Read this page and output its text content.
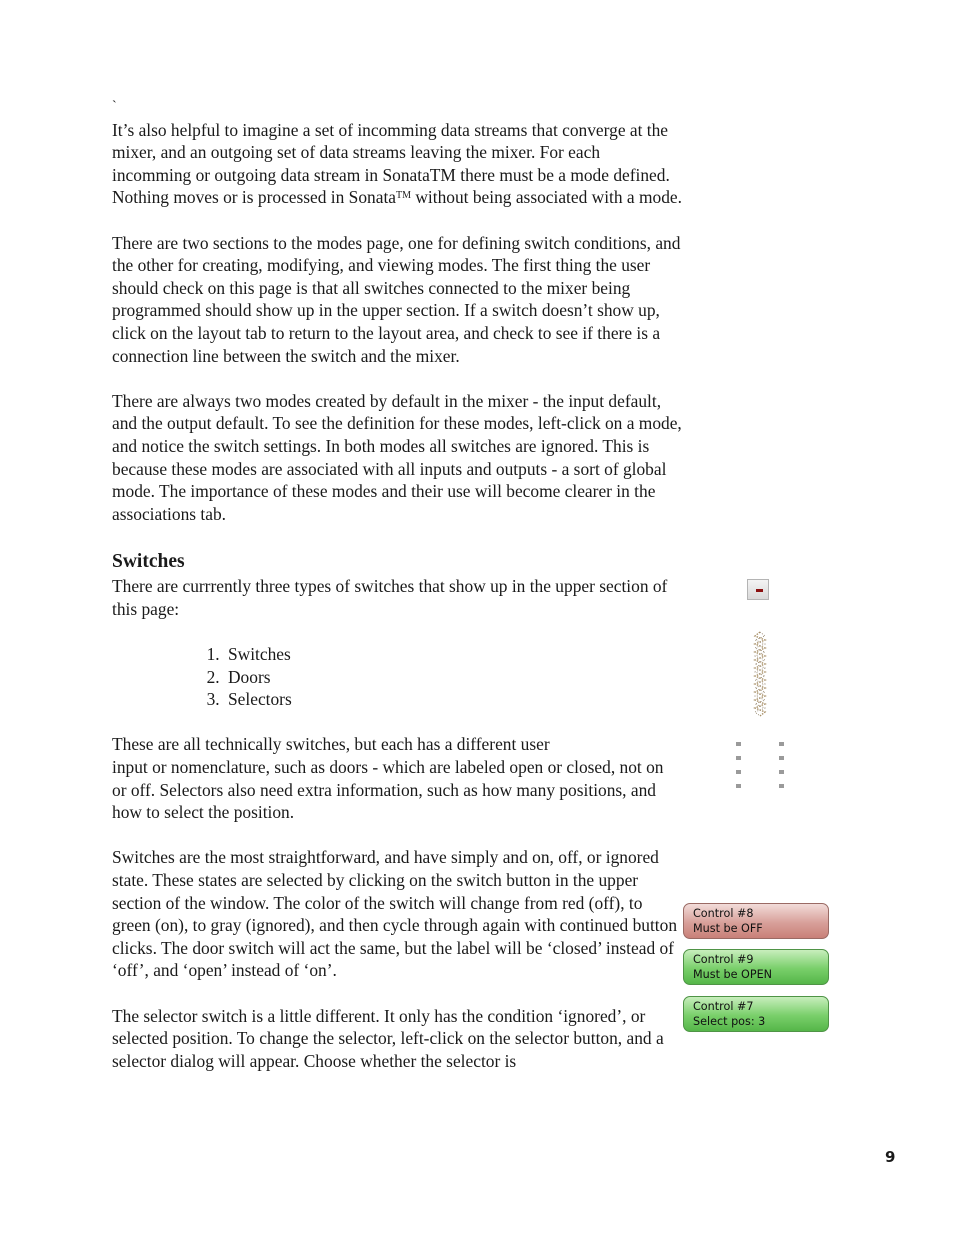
`

It’s also helpful to imagine a set of incomming data streams that converge at the mixer, and an outgoing set of data streams leaving the mixer. For each incomming or outgoing data stream in SonataTM there must be a mode defined. Nothing moves or is processed in Sonata™ without being associated with a mode.

There are two sections to the modes page, one for defining switch conditions, and the other for creating, modifying, and viewing modes. The first thing the user should check on this page is that all switches connected to the mixer being programmed should show up in the upper section. If a switch doesn’t show up, click on the layout tab to return to the layout area, and check to see if there is a connection line between the switch and the mixer.

There are always two modes created by default in the mixer - the input default, and the output default. To see the definition for these modes, left-click on a mode, and notice the switch settings. In both modes all switches are ignored. This is because these modes are associated with all inputs and outputs - a sort of global mode. The importance of these modes and their use will become clearer in the associations tab.

Switches

There are currrently three types of switches that show up in the upper section of this page:

1. Switches
2. Doors
3. Selectors

These are all technically switches, but each has a different user
input or nomenclature, such as doors - which are labeled open or closed, not on or off. Selectors also need extra information, such as how many positions, and how to select the position.

Switches are the most straightforward, and have simply and on, off, or ignored state. These states are selected by clicking on the switch button in the upper section of the window. The color of the switch will change from red (off), to green (on), to gray (ignored), and then cycle through again with continued button clicks. The door switch will act the same, but the label will be ‘closed’ instead of ‘off’, and ‘open’ instead of ‘on’.

The selector switch is a little different. It only has the condition ‘ignored’, or selected position. To change the selector, left-click on the selector button, and a selector dialog will appear. Choose whether the selector is

Control #8
Must be OFF
Control #9
Must be OPEN
Control #7
Select pos: 3
9
